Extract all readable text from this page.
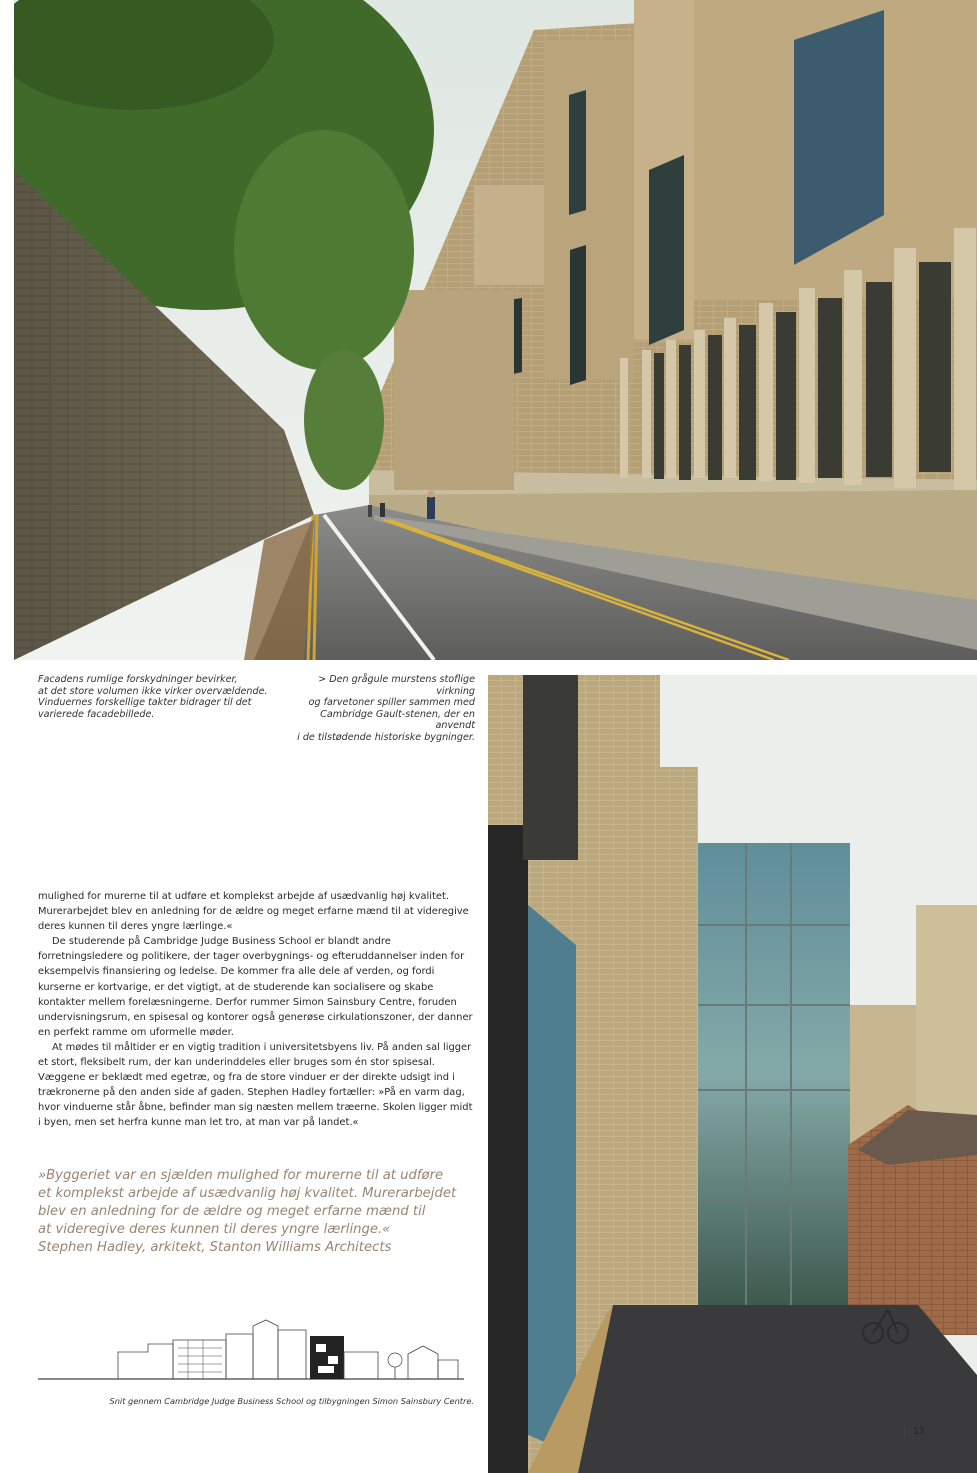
Facadens rumlige forskydninger bevirker,
at det store volumen ikke virker overvældende.
Vinduernes forskellige takter bidrager til det
varierede facadebillede.
> Den grågule murstens stoflige virkning
og farvetoner spiller sammen med
Cambridge Gault-stenen, der en anvendt
i de tilstødende historiske bygninger.

mulighed for murerne til at udføre et komplekst arbejde af usædvanlig høj kvalitet. Murerarbejdet blev en anledning for de ældre og meget erfarne mænd til at videregive deres kunnen til deres yngre lærlinge.«

De studerende på Cambridge Judge Business School er blandt andre forretningsledere og politikere, der tager overbygnings- og efteruddannelser inden for eksempelvis finansiering og ledelse. De kommer fra alle dele af verden, og fordi kurserne er kortvarige, er det vigtigt, at de studerende kan socialisere og skabe kontakter mellem forelæsningerne. Derfor rummer Simon Sainsbury Centre, foruden undervisningsrum, en spisesal og kontorer også generøse cirkulationszoner, der danner en perfekt ramme om uformelle møder.

At mødes til måltider er en vigtig tradition i universitetsbyens liv. På anden sal ligger et stort, fleksibelt rum, der kan underinddeles eller bruges som én stor spisesal. Væggene er beklædt med egetræ, og fra de store vinduer er der direkte udsigt ind i trækronerne på den anden side af gaden. Stephen Hadley fortæller: »På en varm dag, hvor vinduerne står åbne, befinder man sig næsten mellem træerne. Skolen ligger midt i byen, men set herfra kunne man let tro, at man var på landet.«

»Byggeriet var en sjælden mulighed for murerne til at udføre
et komplekst arbejde af usædvanlig høj kvalitet. Murerarbejdet
blev en anledning for de ældre og meget erfarne mænd til
at videregive deres kunnen til deres yngre lærlinge.«
Stephen Hadley, arkitekt, Stanton Williams Architects
Snit gennem Cambridge Judge Business School og tilbygningen Simon Sainsbury Centre.
13
